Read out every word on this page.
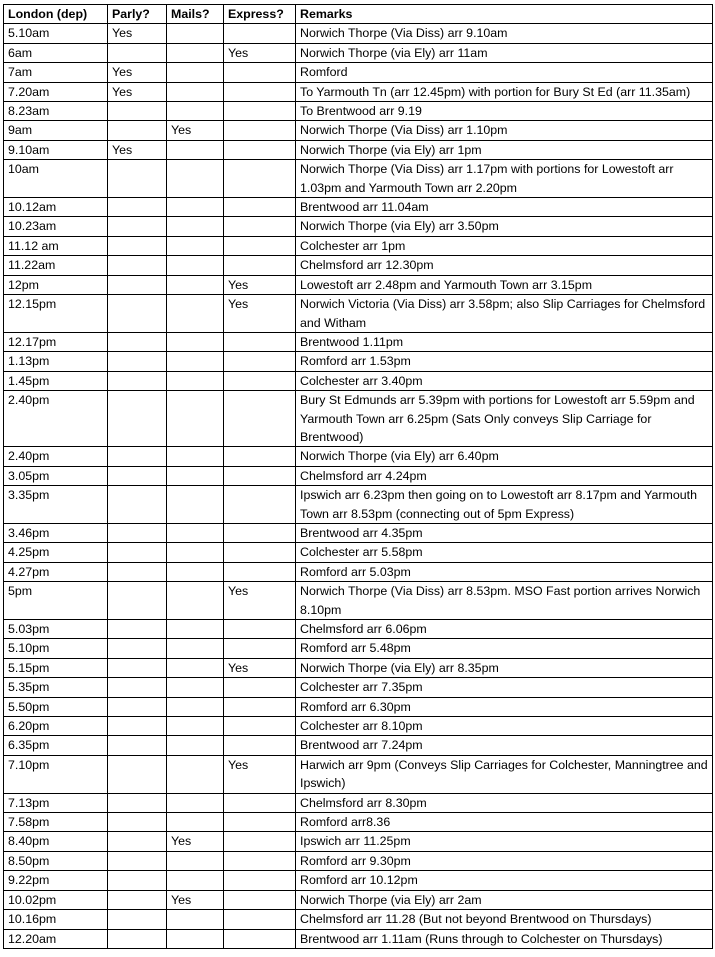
London (dep)	Parly?	Mails?	Express?	Remarks
5.10am	Yes			Norwich Thorpe (Via Diss) arr 9.10am
6am			Yes	Norwich Thorpe (via Ely) arr 11am
7am	Yes			Romford
7.20am	Yes			To Yarmouth Tn (arr 12.45pm) with portion for Bury St Ed (arr 11.35am)
8.23am				To Brentwood arr 9.19
9am		Yes		Norwich Thorpe (Via Diss) arr 1.10pm
9.10am	Yes			Norwich Thorpe (via Ely) arr 1pm
10am				Norwich Thorpe (Via Diss) arr 1.17pm with portions for Lowestoft arr 1.03pm and Yarmouth Town arr 2.20pm
10.12am				Brentwood arr 11.04am
10.23am				Norwich Thorpe (via Ely) arr 3.50pm
11.12 am				Colchester arr 1pm
11.22am				Chelmsford arr 12.30pm
12pm			Yes	Lowestoft arr 2.48pm and Yarmouth Town arr 3.15pm
12.15pm			Yes	Norwich Victoria (Via Diss) arr 3.58pm; also Slip Carriages for Chelmsford and Witham
12.17pm				Brentwood 1.11pm
1.13pm				Romford arr 1.53pm
1.45pm				Colchester arr 3.40pm
2.40pm				Bury St Edmunds arr 5.39pm with portions for Lowestoft arr 5.59pm and Yarmouth Town arr 6.25pm (Sats Only conveys Slip Carriage for Brentwood)
2.40pm				Norwich Thorpe (via Ely) arr 6.40pm
3.05pm				Chelmsford arr 4.24pm
3.35pm				Ipswich arr 6.23pm then going on to Lowestoft arr 8.17pm and Yarmouth Town arr 8.53pm (connecting out of 5pm Express)
3.46pm				Brentwood arr 4.35pm
4.25pm				Colchester arr 5.58pm
4.27pm				Romford arr 5.03pm
5pm			Yes	Norwich Thorpe (Via Diss) arr 8.53pm. MSO Fast portion arrives Norwich 8.10pm
5.03pm				Chelmsford arr 6.06pm
5.10pm				Romford arr 5.48pm
5.15pm			Yes	Norwich Thorpe (via Ely) arr 8.35pm
5.35pm				Colchester arr 7.35pm
5.50pm				Romford arr 6.30pm
6.20pm				Colchester arr 8.10pm
6.35pm				Brentwood arr 7.24pm
7.10pm			Yes	Harwich arr 9pm (Conveys Slip Carriages for Colchester, Manningtree and Ipswich)
7.13pm				Chelmsford arr 8.30pm
7.58pm				Romford arr8.36
8.40pm		Yes		Ipswich arr 11.25pm
8.50pm				Romford arr 9.30pm
9.22pm				Romford arr 10.12pm
10.02pm		Yes		Norwich Thorpe (via Ely) arr 2am
10.16pm				Chelmsford arr 11.28 (But not beyond Brentwood on Thursdays)
12.20am				Brentwood arr 1.11am (Runs through to Colchester on Thursdays)
